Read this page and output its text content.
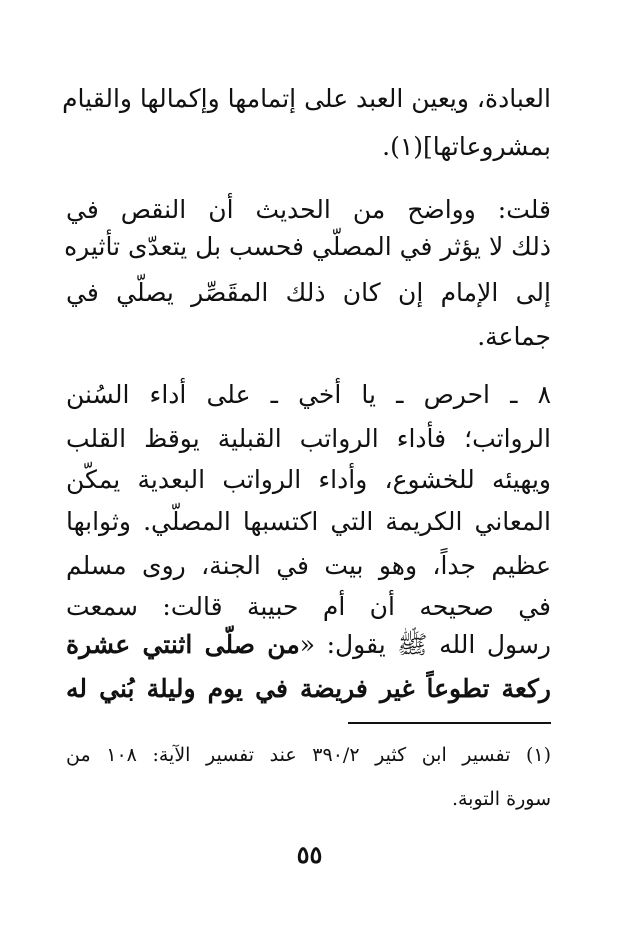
العبادة، ويعين العبد على إتمامها وإكمالها والقيام
بمشروعاتها](١).
قلت: وواضح من الحديث أن النقص في
ذلك لا يؤثر في المصلّي فحسب بل يتعدّى تأثيره
إلى الإمام إن كان ذلك المقَصِّر يصلّي في
جماعة.
٨ ـ احرص ـ يا أخي ـ على أداء السُنن
الرواتب؛ فأداء الرواتب القبلية يوقظ القلب
ويهيئه للخشوع، وأداء الرواتب البعدية يمكّن
المعاني الكريمة التي اكتسبها المصلّي. وثوابها
عظيم جداً، وهو بيت في الجنة، روى مسلم
في صحيحه أن أم حبيبة قالت: سمعت
رسول الله ﷺ يقول: «من صلّى اثنتي عشرة
ركعة تطوعاً غير فريضة في يوم وليلة بُني له
(١) تفسير ابن كثير ٣٩٠/٢ عند تفسير الآية: ١٠٨ من
سورة التوبة.
٥٥
